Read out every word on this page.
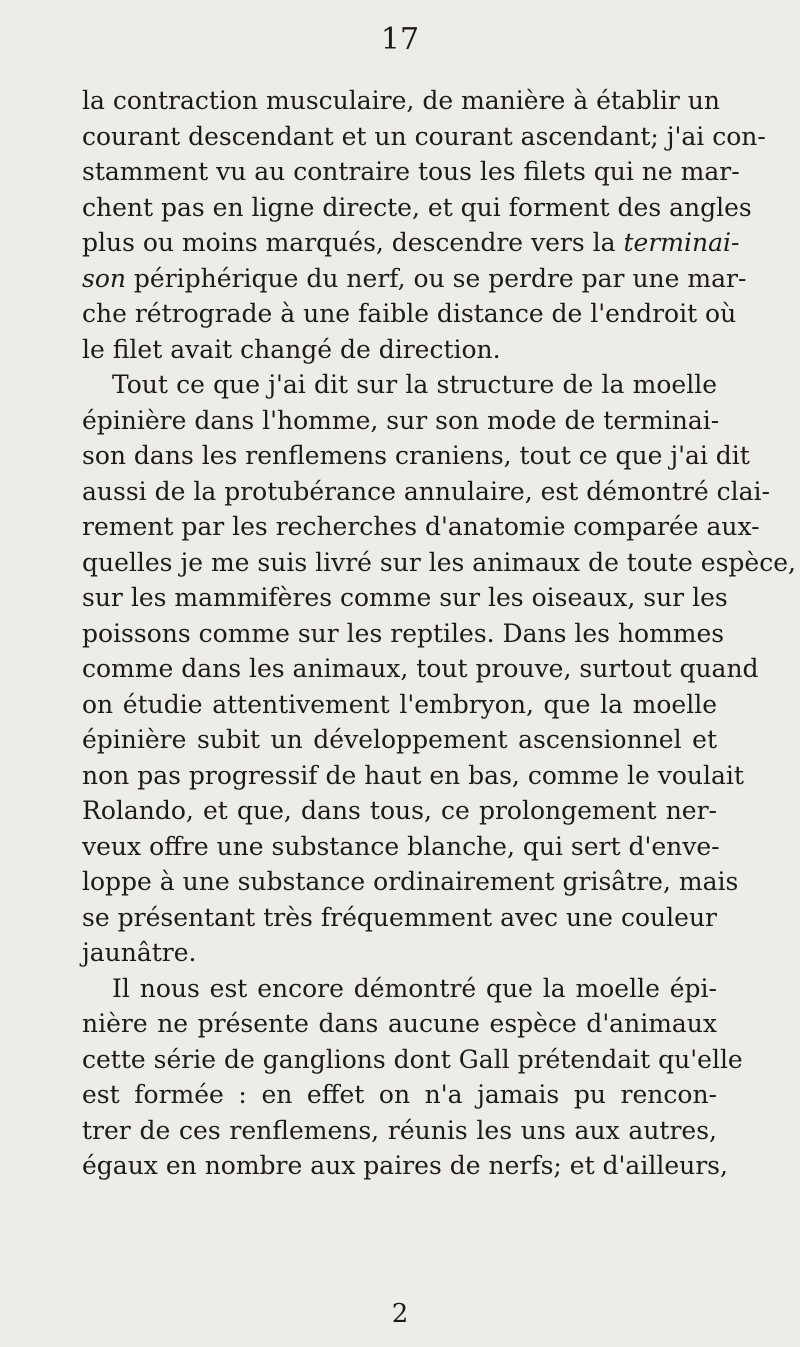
17
la contraction musculaire, de manière à établir un
courant descendant et un courant ascendant; j'ai con-
stamment vu au contraire tous les filets qui ne mar-
chent pas en ligne directe, et qui forment des angles
plus ou moins marqués, descendre vers la terminai-
son périphérique du nerf, ou se perdre par une mar-
che rétrograde à une faible distance de l'endroit où
le filet avait changé de direction.
Tout ce que j'ai dit sur la structure de la moelle
épinière dans l'homme, sur son mode de terminai-
son dans les renflemens craniens, tout ce que j'ai dit
aussi de la protubérance annulaire, est démontré clai-
rement par les recherches d'anatomie comparée aux-
quelles je me suis livré sur les animaux de toute espèce,
sur les mammifères comme sur les oiseaux, sur les
poissons comme sur les reptiles. Dans les hommes
comme dans les animaux, tout prouve, surtout quand
on étudie attentivement l'embryon, que la moelle
épinière subit un développement ascensionnel et
non pas progressif de haut en bas, comme le voulait
Rolando, et que, dans tous, ce prolongement ner-
veux offre une substance blanche, qui sert d'enve-
loppe à une substance ordinairement grisâtre, mais
se présentant très fréquemment avec une couleur
jaunâtre.
Il nous est encore démontré que la moelle épi-
nière ne présente dans aucune espèce d'animaux
cette série de ganglions dont Gall prétendait qu'elle
est formée : en effet on n'a jamais pu rencon-
trer de ces renflemens, réunis les uns aux autres,
égaux en nombre aux paires de nerfs; et d'ailleurs,
2
